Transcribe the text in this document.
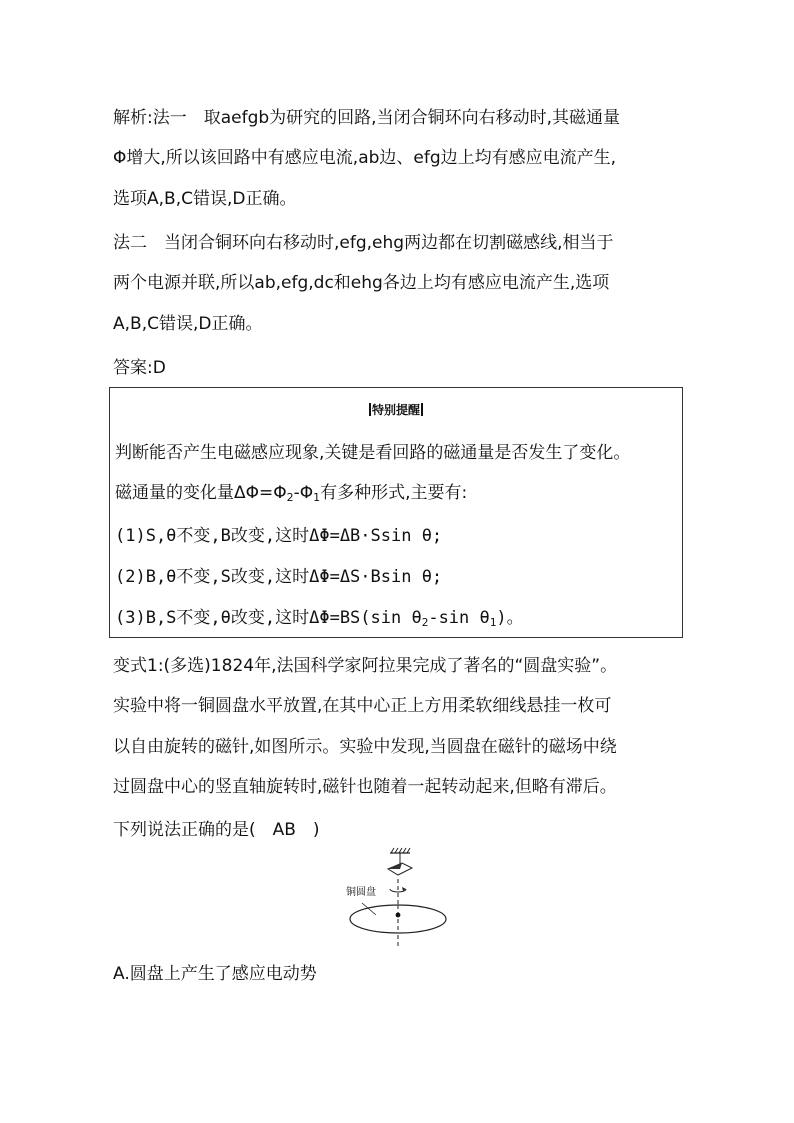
解析:法一　取aefgb为研究的回路,当闭合铜环向右移动时,其磁通量
Φ增大,所以该回路中有感应电流,ab边、efg边上均有感应电流产生,
选项A,B,C错误,D正确。
法二　当闭合铜环向右移动时,efg,ehg两边都在切割磁感线,相当于
两个电源并联,所以ab,efg,dc和ehg各边上均有感应电流产生,选项
A,B,C错误,D正确。
答案:D
特别提醒
判断能否产生电磁感应现象,关键是看回路的磁通量是否发生了变化。
磁通量的变化量$\Delta\Phi=\Phi_2-\Phi_1$有多种形式,主要有:
(1)S,θ不变,B改变,这时ΔΦ=ΔB·Ssin θ;
(2)B,θ不变,S改变,这时ΔΦ=ΔS·Bsin θ;
(3)B,S不变,θ改变,这时ΔΦ=BS(sin $\theta_2-\sin$ $\theta_1$)。
变式1:(多选)1824年,法国科学家阿拉果完成了著名的“圆盘实验”。
实验中将一铜圆盘水平放置,在其中心正上方用柔软细线悬挂一枚可
以自由旋转的磁针,如图所示。实验中发现,当圆盘在磁针的磁场中绕
过圆盘中心的竖直轴旋转时,磁针也随着一起转动起来,但略有滞后。
下列说法正确的是(　AB　)
铜圆盘
A.圆盘上产生了感应电动势
